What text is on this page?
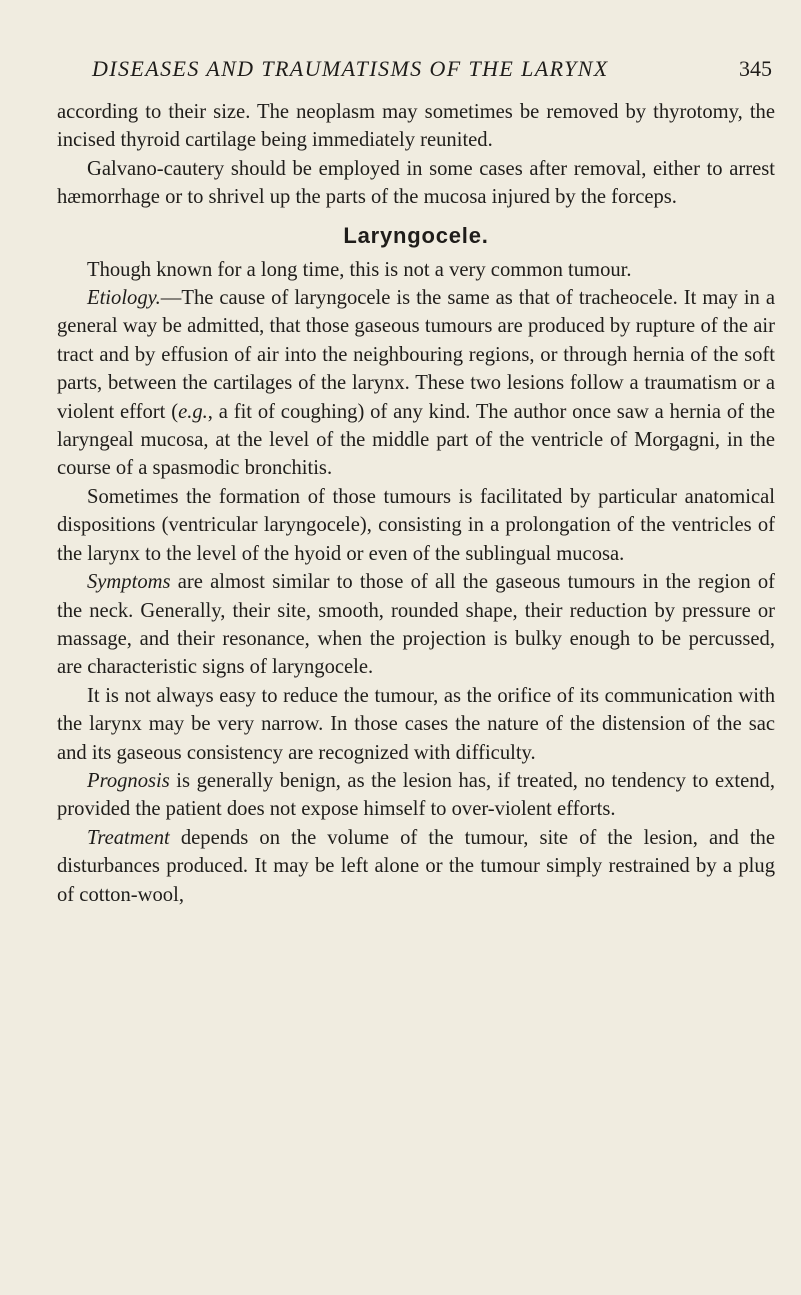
DISEASES AND TRAUMATISMS OF THE LARYNX	345

according to their size. The neoplasm may sometimes be removed by thyrotomy, the incised thyroid cartilage being immediately reunited.

Galvano-cautery should be employed in some cases after removal, either to arrest hæmorrhage or to shrivel up the parts of the mucosa injured by the forceps.

Laryngocele.

Though known for a long time, this is not a very common tumour.

Etiology.—The cause of laryngocele is the same as that of tracheocele. It may in a general way be admitted, that those gaseous tumours are produced by rupture of the air tract and by effusion of air into the neighbouring regions, or through hernia of the soft parts, between the cartilages of the larynx. These two lesions follow a traumatism or a violent effort (e.g., a fit of coughing) of any kind. The author once saw a hernia of the laryngeal mucosa, at the level of the middle part of the ventricle of Morgagni, in the course of a spasmodic bronchitis.

Sometimes the formation of those tumours is facilitated by particular anatomical dispositions (ventricular laryngocele), consisting in a prolongation of the ventricles of the larynx to the level of the hyoid or even of the sublingual mucosa.

Symptoms are almost similar to those of all the gaseous tumours in the region of the neck. Generally, their site, smooth, rounded shape, their reduction by pressure or massage, and their resonance, when the projection is bulky enough to be percussed, are characteristic signs of laryngocele.

It is not always easy to reduce the tumour, as the orifice of its communication with the larynx may be very narrow. In those cases the nature of the distension of the sac and its gaseous consistency are recognized with difficulty.

Prognosis is generally benign, as the lesion has, if treated, no tendency to extend, provided the patient does not expose himself to over-violent efforts.

Treatment depends on the volume of the tumour, site of the lesion, and the disturbances produced. It may be left alone or the tumour simply restrained by a plug of cotton-wool,
